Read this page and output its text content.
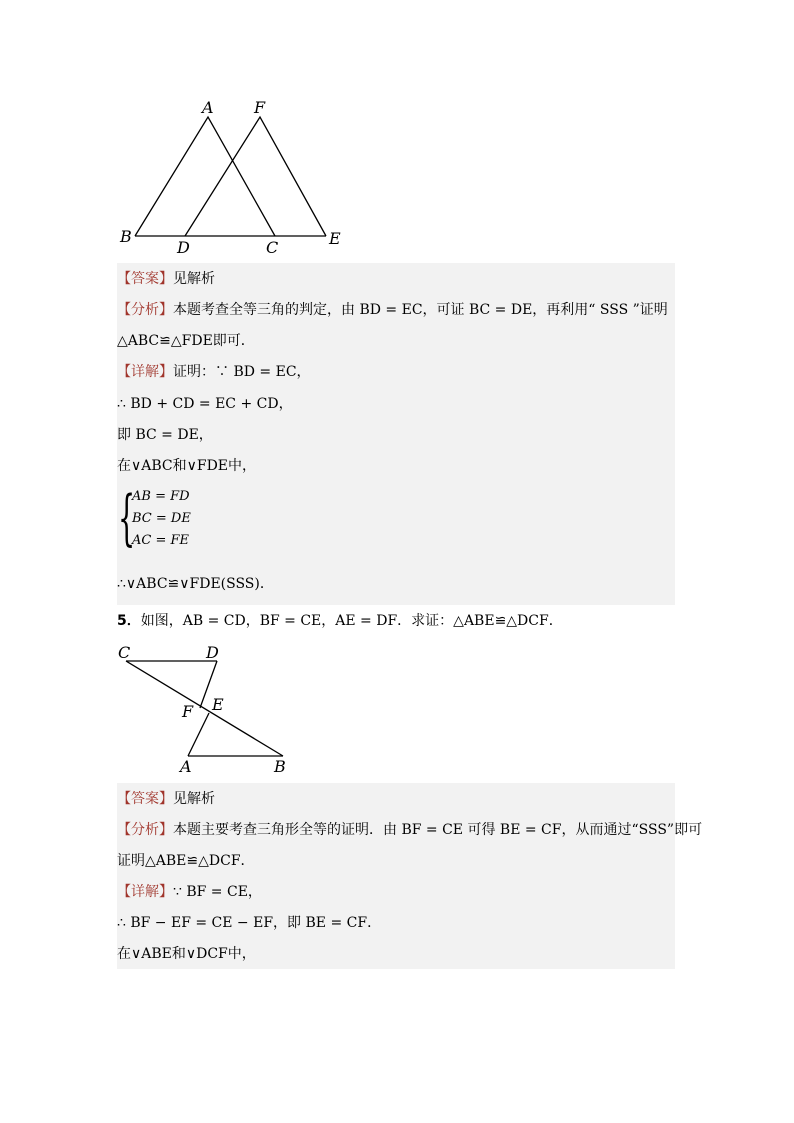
A	F
B
D	C	E
【答案】见解析
【分析】本题考查全等三角的判定，由 BD = EC，可证 BC = DE，再利用“ SSS ”证明
△ABC≌△FDE即可．
【详解】证明：∵ BD = EC，
∴ BD + CD = EC + CD，
即 BC = DE，
在∨ABC和∨FDE中，
{
AB = FD
BC = DE
AC = FE
∴∨ABC≌∨FDE(SSS)．
5．如图，AB = CD，BF = CE，AE = DF．求证：△ABE≌△DCF．
C	D
E
F
A	B
【答案】见解析
【分析】本题主要考查三角形全等的证明．由 BF = CE 可得 BE = CF，从而通过“SSS”即可
证明△ABE≌△DCF．
【详解】∵ BF = CE，
∴ BF − EF = CE − EF，即 BE = CF．
在∨ABE和∨DCF中，
